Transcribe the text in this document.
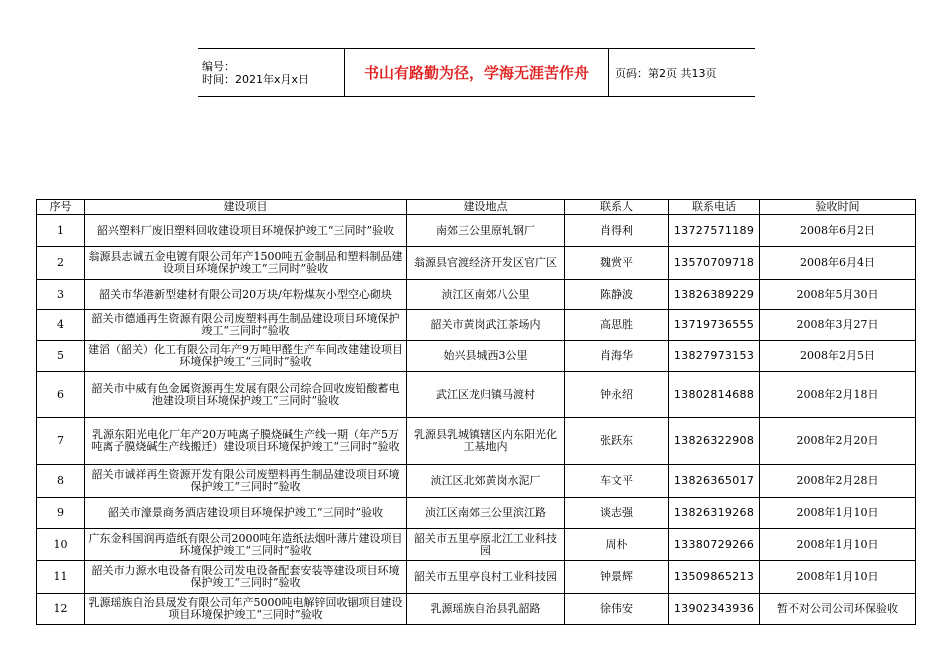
编号：
时间：2021年x月x日	书山有路勤为径，学海无涯苦作舟	页码：第2页 共13页
序号	建设项目	建设地点	联系人	联系电话	验收时间
1	韶兴塑料厂废旧塑料回收建设项目环境保护竣工“三同时”验收	南郊三公里原轧钢厂	肖得利	13727571189	2008年6月2日
2	翁源县志诚五金电镀有限公司年产1500吨五金制品和塑料制品建设项目环境保护竣工“三同时”验收	翁源县官渡经济开发区官广区	魏赏平	13570709718	2008年6月4日
3	韶关市华港新型建材有限公司20万块/年粉煤灰小型空心砌块	浈江区南郊八公里	陈静波	13826389229	2008年5月30日
4	韶关市德通再生资源有限公司废塑料再生制品建设项目环境保护竣工“三同时”验收	韶关市黄岗武江茶场内	高思胜	13719736555	2008年3月27日
5	建滔（韶关）化工有限公司年产9万吨甲醛生产车间改建建设项目环境保护竣工“三同时”验收	始兴县城西3公里	肖海华	13827973153	2008年2月5日
6	韶关市中威有色金属资源再生发展有限公司综合回收废铅酸蓄电池建设项目环境保护竣工“三同时”验收	武江区龙归镇马渡村	钟永绍	13802814688	2008年2月18日
7	乳源东阳光电化厂年产20万吨离子膜烧碱生产线一期（年产5万吨离子膜烧碱生产线搬迁）建设项目环境保护竣工“三同时”验收	乳源县乳城镇辖区内东阳光化工基地内	张跃东	13826322908	2008年2月20日
8	韶关市诚祥再生资源开发有限公司废塑料再生制品建设项目环境保护竣工“三同时”验收	浈江区北郊黄岗水泥厂	车文平	13826365017	2008年2月28日
9	韶关市濠景商务酒店建设项目环境保护竣工“三同时”验收	浈江区南郊三公里滨江路	谈志强	13826319268	2008年1月10日
10	广东金科国润再造纸有限公司2000吨年造纸法烟叶薄片建设项目环境保护竣工“三同时”验收	韶关市五里亭原北江工业科技园	周朴	13380729266	2008年1月10日
11	韶关市力源水电设备有限公司发电设备配套安装等建设项目环境保护竣工“三同时”验收	韶关市五里亭良村工业科技园	钟景辉	13509865213	2008年1月10日
12	乳源瑶族自治县晟发有限公司年产5000吨电解锌回收锢项目建设项目环境保护竣工“三同时”验收	乳源瑶族自治县乳韶路	徐伟安	13902343936	暂不对公司公司环保验收
